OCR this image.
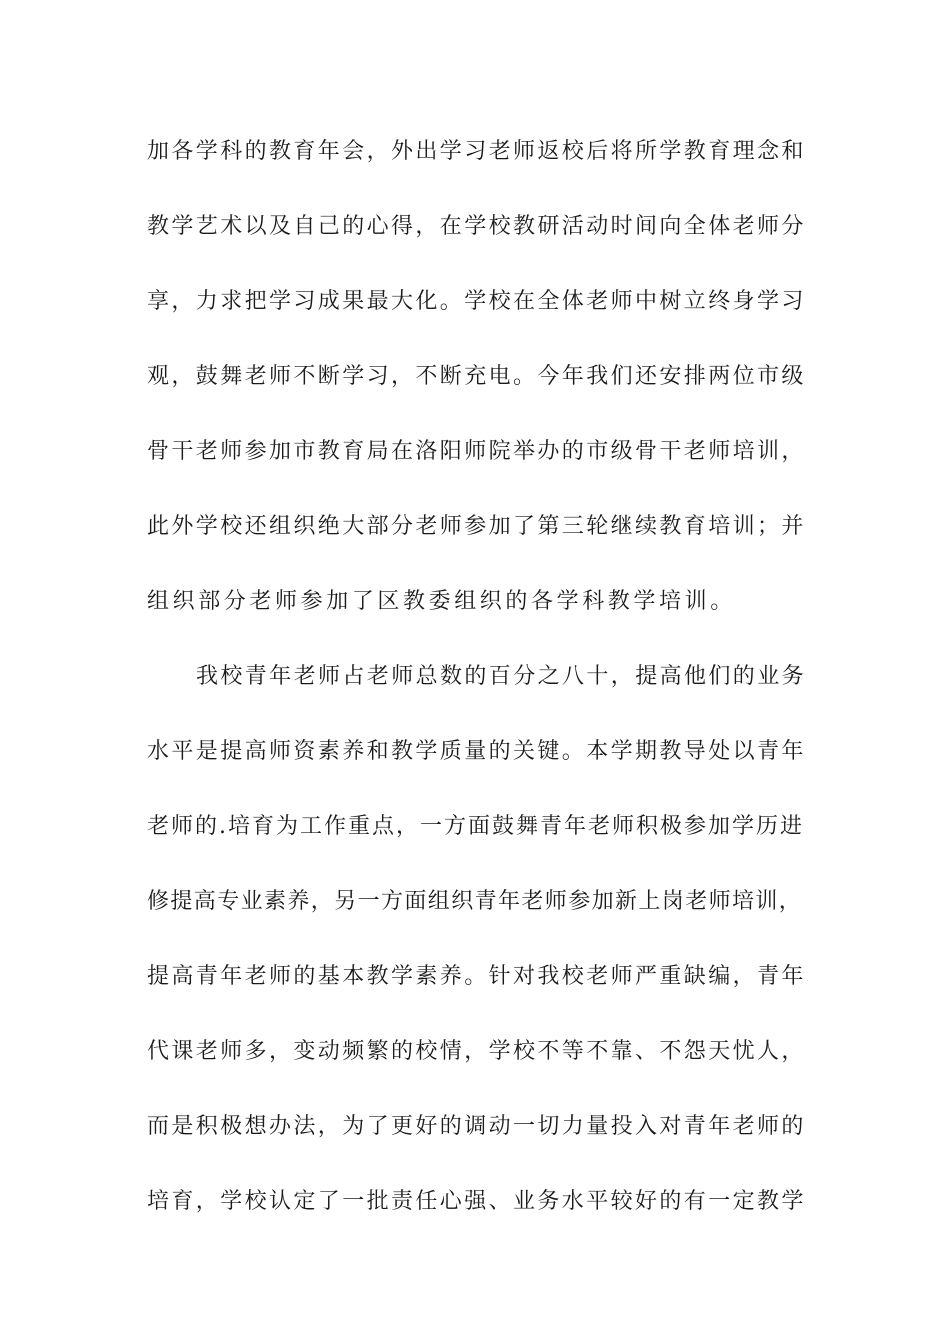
加各学科的教育年会，外出学习老师返校后将所学教育理念和
教学艺术以及自己的心得，在学校教研活动时间向全体老师分
享，力求把学习成果最大化。学校在全体老师中树立终身学习
观，鼓舞老师不断学习，不断充电。今年我们还安排两位市级
骨干老师参加市教育局在洛阳师院举办的市级骨干老师培训，
此外学校还组织绝大部分老师参加了第三轮继续教育培训；并
组织部分老师参加了区教委组织的各学科教学培训。
我校青年老师占老师总数的百分之八十，提高他们的业务
水平是提高师资素养和教学质量的关键。本学期教导处以青年
老师的.培育为工作重点，一方面鼓舞青年老师积极参加学历进
修提高专业素养，另一方面组织青年老师参加新上岗老师培训，
提高青年老师的基本教学素养。针对我校老师严重缺编，青年
代课老师多，变动频繁的校情，学校不等不靠、不怨天忧人，
而是积极想办法，为了更好的调动一切力量投入对青年老师的
培育，学校认定了一批责任心强、业务水平较好的有一定教学
